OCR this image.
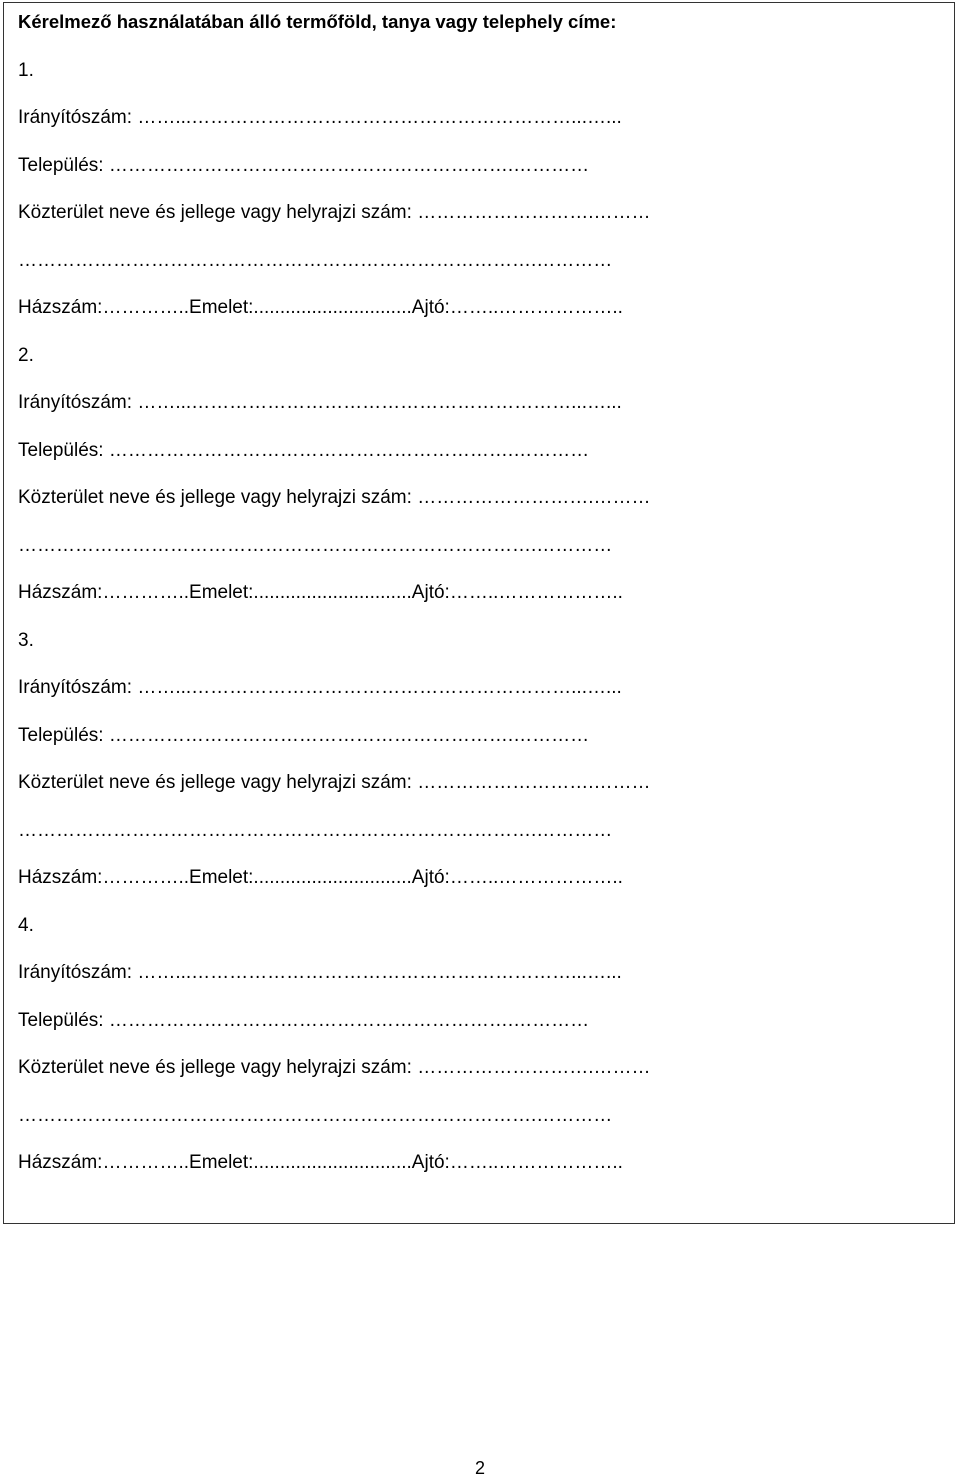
Kérelmező használatában álló termőföld, tanya vagy telephely címe:
1.
Irányítószám: ……...……………………………………………………...…...
Település: ……………………………………………………….…………
Közterület neve és jellege vagy helyrajzi szám: ……………………….………
……………………………………………………………………….…………
Házszám:…………..Emelet:..............................Ajtó:……..………………..
2.
Irányítószám: ……...……………………………………………………...…...
Település: ……………………………………………………….…………
Közterület neve és jellege vagy helyrajzi szám: ……………………….………
……………………………………………………………………….…………
Házszám:…………..Emelet:..............................Ajtó:……..………………..
3.
Irányítószám: ……...……………………………………………………...…...
Település: ……………………………………………………….…………
Közterület neve és jellege vagy helyrajzi szám: ……………………….………
……………………………………………………………………….…………
Házszám:…………..Emelet:..............................Ajtó:……..………………..
4.
Irányítószám: ……...……………………………………………………...…...
Település: ……………………………………………………….…………
Közterület neve és jellege vagy helyrajzi szám: ……………………….………
……………………………………………………………………….…………
Házszám:…………..Emelet:..............................Ajtó:……..………………..
2
